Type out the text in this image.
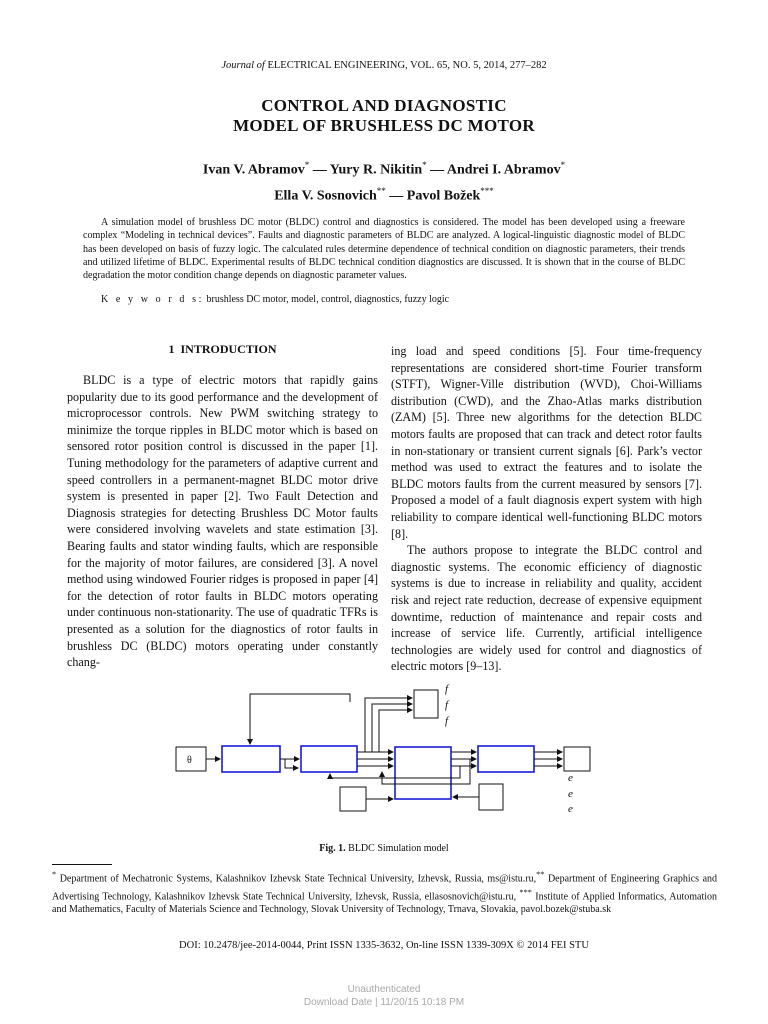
Journal of ELECTRICAL ENGINEERING, VOL. 65, NO. 5, 2014, 277–282
CONTROL AND DIAGNOSTIC
MODEL OF BRUSHLESS DC MOTOR
Ivan V. Abramov* — Yury R. Nikitin* — Andrei I. Abramov*
Ella V. Sosnovich** — Pavol Božek***
A simulation model of brushless DC motor (BLDC) control and diagnostics is considered. The model has been developed using a freeware complex “Modeling in technical devices”. Faults and diagnostic parameters of BLDC are analyzed. A logical-linguistic diagnostic model of BLDC has been developed on basis of fuzzy logic. The calculated rules determine dependence of technical condition on diagnostic parameters, their trends and utilized lifetime of BLDC. Experimental results of BLDC technical condition diagnostics are discussed. It is shown that in the course of BLDC degradation the motor condition change depends on diagnostic parameter values.
K e y w o r d s: brushless DC motor, model, control, diagnostics, fuzzy logic
1 INTRODUCTION

BLDC is a type of electric motors that rapidly gains popularity due to its good performance and the development of microprocessor controls. New PWM switching strategy to minimize the torque ripples in BLDC motor which is based on sensored rotor position control is discussed in the paper [1]. Tuning methodology for the parameters of adaptive current and speed controllers in a permanent-magnet BLDC motor drive system is presented in paper [2]. Two Fault Detection and Diagnosis strategies for detecting Brushless DC Motor faults were considered involving wavelets and state estimation [3]. Bearing faults and stator winding faults, which are responsible for the majority of motor failures, are considered [3]. A novel method using windowed Fourier ridges is proposed in paper [4] for the detection of rotor faults in BLDC motors operating under continuous non-stationarity. The use of quadratic TFRs is presented as a solution for the diagnostics of rotor faults in brushless DC (BLDC) motors operating under constantly chang-

ing load and speed conditions [5]. Four time-frequency representations are considered short-time Fourier transform (STFT), Wigner-Ville distribution (WVD), Choi-Williams distribution (CWD), and the Zhao-Atlas marks distribution (ZAM) [5]. Three new algorithms for the detection BLDC motors faults are proposed that can track and detect rotor faults in non-stationary or transient current signals [6]. Park’s vector method was used to extract the features and to isolate the BLDC motors faults from the current measured by sensors [7]. Proposed a model of a fault diagnosis expert system with high reliability to compare identical well-functioning BLDC motors [8].

The authors propose to integrate the BLDC control and diagnostic systems. The economic efficiency of diagnostic systems is due to increase in reliability and quality, accident risk and reject rate reduction, decrease of expensive equipment downtime, reduction of maintenance and repair costs and increase of service life. Currently, artificial intelligence technologies are widely used for control and diagnostics of electric motors [9–13].

f
f
f
e
e
e
θ
Fig. 1. BLDC Simulation model
* Department of Mechatronic Systems, Kalashnikov Izhevsk State Technical University, Izhevsk, Russia, ms@istu.ru,** Department of Engineering Graphics and Advertising Technology, Kalashnikov Izhevsk State Technical University, Izhevsk, Russia, ellasosnovich@istu.ru, *** Institute of Applied Informatics, Automation and Mathematics, Faculty of Materials Science and Technology, Slovak University of Technology, Trnava, Slovakia, pavol.bozek@stuba.sk
DOI: 10.2478/jee-2014-0044, Print ISSN 1335-3632, On-line ISSN 1339-309X © 2014 FEI STU
Unauthenticated
Download Date | 11/20/15 10:18 PM
